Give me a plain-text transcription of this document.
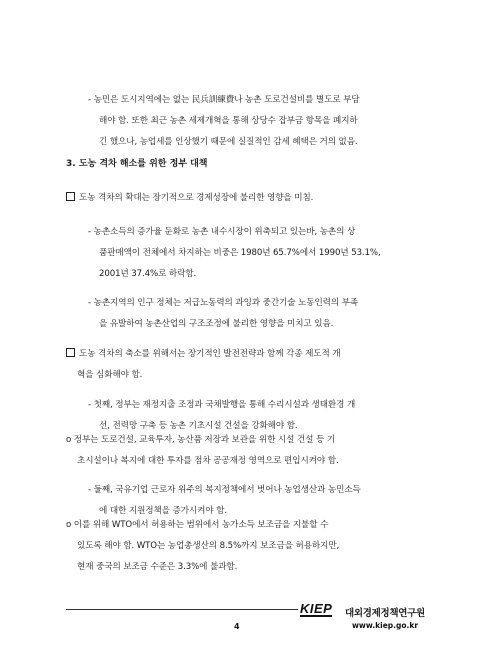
- 농민은 도시지역에는 없는 民兵訓練費나 농촌 도로건설비를 별도로 부담
해야 함. 또한 최근 농촌 세제개혁을 통해 상당수 잡부금 항목을 폐지하
긴 했으나, 농업세를 인상했기 때문에 실질적인 감세 혜택은 거의 없음.
3. 도농 격차 해소를 위한 정부 대책
도농 격차의 확대는 장기적으로 경제성장에 불리한 영향을 미침.
- 농촌소득의 증가율 둔화로 농촌 내수시장이 위축되고 있는바, 농촌의 상
품판매액이 전체에서 차지하는 비중은 1980년 65.7%에서 1990년 53.1%,
2001년 37.4%로 하락함.
- 농촌지역의 인구 정체는 저급노동력의 과잉과 중간기술 노동인력의 부족
을 유발하여 농촌산업의 구조조정에 불리한 영향을 미치고 있음.
도농 격차의 축소를 위해서는 장기적인 발전전략과 함께 각종 제도적 개
혁을 심화해야 함.
- 첫째, 정부는 재정지출 조정과 국채발행을 통해 수리시설과 생태환경 개
선, 전력망 구축 등 농촌 기초시설 건설을 강화해야 함.
o 정부는 도로건설, 교육투자, 농산품 저장과 보관을 위한 시설 건설 등 기
초시설이나 복지에 대한 투자를 점차 공공재정 영역으로 편입시켜야 함.
- 둘째, 국유기업 근로자 위주의 복지정책에서 벗어나 농업생산과 농민소득
에 대한 지원정책을 증가시켜야 함.
o 이를 위해 WTO에서 허용하는 범위에서 농가소득 보조금을 지불할 수
있도록 해야 함. WTO는 농업총생산의 8.5%까지 보조금을 허용하지만,
현재 중국의 보조금 수준은 3.3%에 불과함.
4
KIEP 대외경제정책연구원
www.kiep.go.kr
